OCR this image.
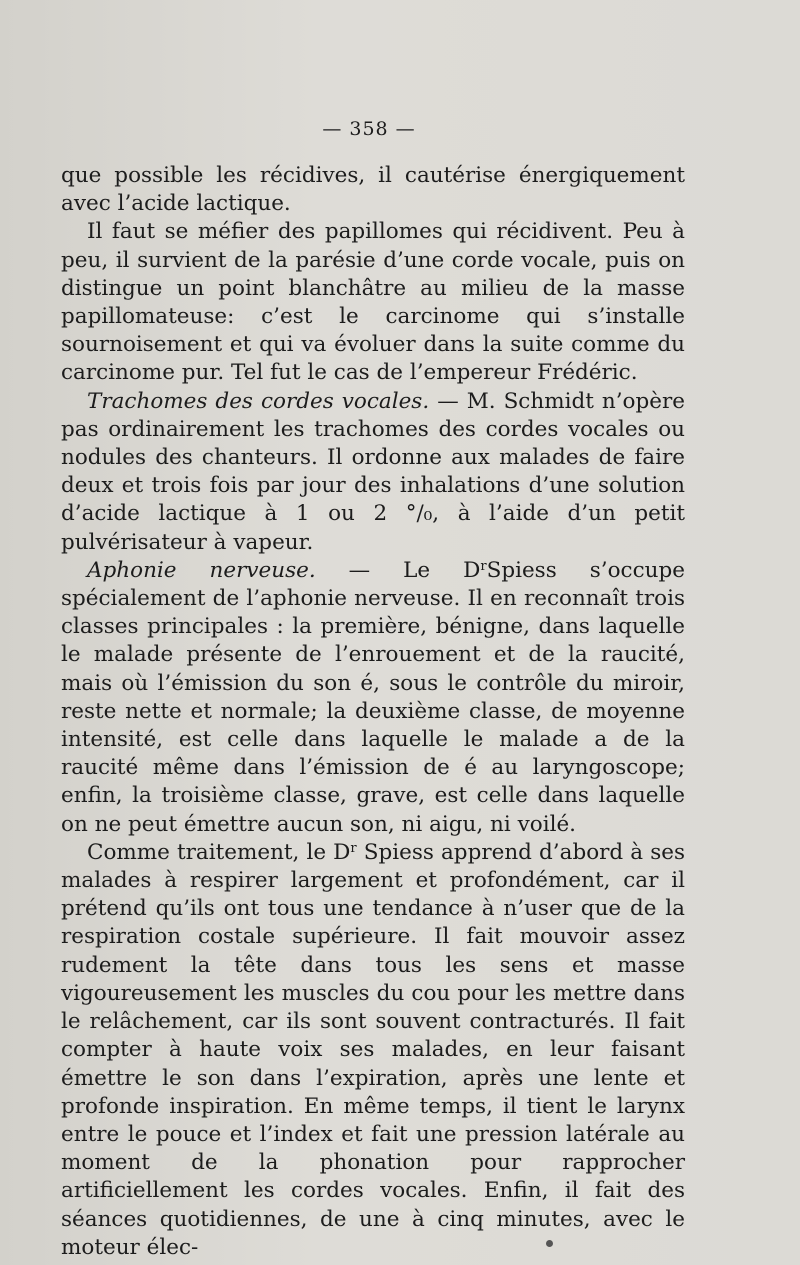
— 358 —

que possible les récidives, il cautérise énergiquement avec l’acide lactique.

Il faut se méfier des papillomes qui récidivent. Peu à peu, il survient de la parésie d’une corde vocale, puis on distingue un point blanchâtre au milieu de la masse papillomateuse: c’est le carcinome qui s’installe sournoisement et qui va évoluer dans la suite comme du carcinome pur. Tel fut le cas de l’empereur Frédéric.

Trachomes des cordes vocales. — M. Schmidt n’opère pas ordinairement les trachomes des cordes vocales ou nodules des chanteurs. Il ordonne aux malades de faire deux et trois fois par jour des inhalations d’une solution d’acide lactique à 1 ou 2 °/₀, à l’aide d’un petit pulvérisateur à vapeur.

Aphonie nerveuse. — Le $D^rSpiess$ s’occupe spécialement de l’aphonie nerveuse. Il en reconnaît trois classes principales : la première, bénigne, dans laquelle le malade présente de l’enrouement et de la raucité, mais où l’émission du son é, sous le contrôle du miroir, reste nette et normale; la deuxième classe, de moyenne intensité, est celle dans laquelle le malade a de la raucité même dans l’émission de é au laryngoscope; enfin, la troisième classe, grave, est celle dans laquelle on ne peut émettre aucun son, ni aigu, ni voilé.

Comme traitement, le $D^r$ Spiess apprend d’abord à ses malades à respirer largement et profondément, car il prétend qu’ils ont tous une tendance à n’user que de la respiration costale supérieure. Il fait mouvoir assez rudement la tête dans tous les sens et masse vigoureusement les muscles du cou pour les mettre dans le relâchement, car ils sont souvent contracturés. Il fait compter à haute voix ses malades, en leur faisant émettre le son dans l’expiration, après une lente et profonde inspiration. En même temps, il tient le larynx entre le pouce et l’index et fait une pression latérale au moment de la phonation pour rapprocher artificiellement les cordes vocales. Enfin, il fait des séances quotidiennes, de une à cinq minutes, avec le moteur élec-
